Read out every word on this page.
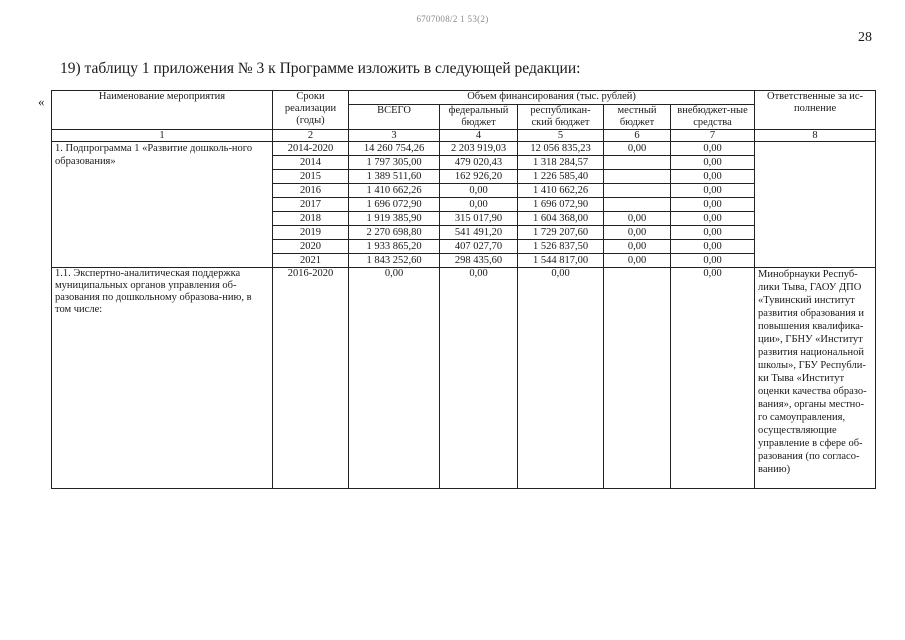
6707008/2 1 53(2)
28
19) таблицу 1 приложения № 3 к Программе изложить в следующей редакции:
«	Наименование мероприятия	Сроки реализации (годы)	Объем финансирования (тыс. рублей)					Ответственные за ис-полнение
		ВСЕГО	федеральный бюджет	республикан-ский бюджет	местный бюджет	внебюджет-ные средства	
1	2	3	4	5	6	7	8
1. Подпрограмма 1 «Развитие дошколь-ного образования»	2014-2020	14 260 754,26	2 203 919,03	12 056 835,23	0,00	0,00	
	2014	1 797 305,00	479 020,43	1 318 284,57		0,00	
	2015	1 389 511,60	162 926,20	1 226 585,40		0,00	
	2016	1 410 662,26	0,00	1 410 662,26		0,00	
	2017	1 696 072,90	0,00	1 696 072,90		0,00	
	2018	1 919 385,90	315 017,90	1 604 368,00	0,00	0,00	
	2019	2 270 698,80	541 491,20	1 729 207,60	0,00	0,00	
	2020	1 933 865,20	407 027,70	1 526 837,50	0,00	0,00	
	2021	1 843 252,60	298 435,60	1 544 817,00	0,00	0,00	
1.1. Экспертно-аналитическая поддержка муниципальных органов управления об-разования по дошкольному образова-нию, в том числе:	2016-2020	0,00	0,00	0,00		0,00	Минобрнауки Респуб-лики Тыва, ГАОУ ДПО «Тувинский институт развития образования и повышения квалифика-ции», ГБНУ «Институт развития национальной школы», ГБУ Республи-ки Тыва «Институт оценки качества образо-вания», органы местно-го самоуправления, осуществляющие управление в сфере об-разования (по согласо-ванию)
